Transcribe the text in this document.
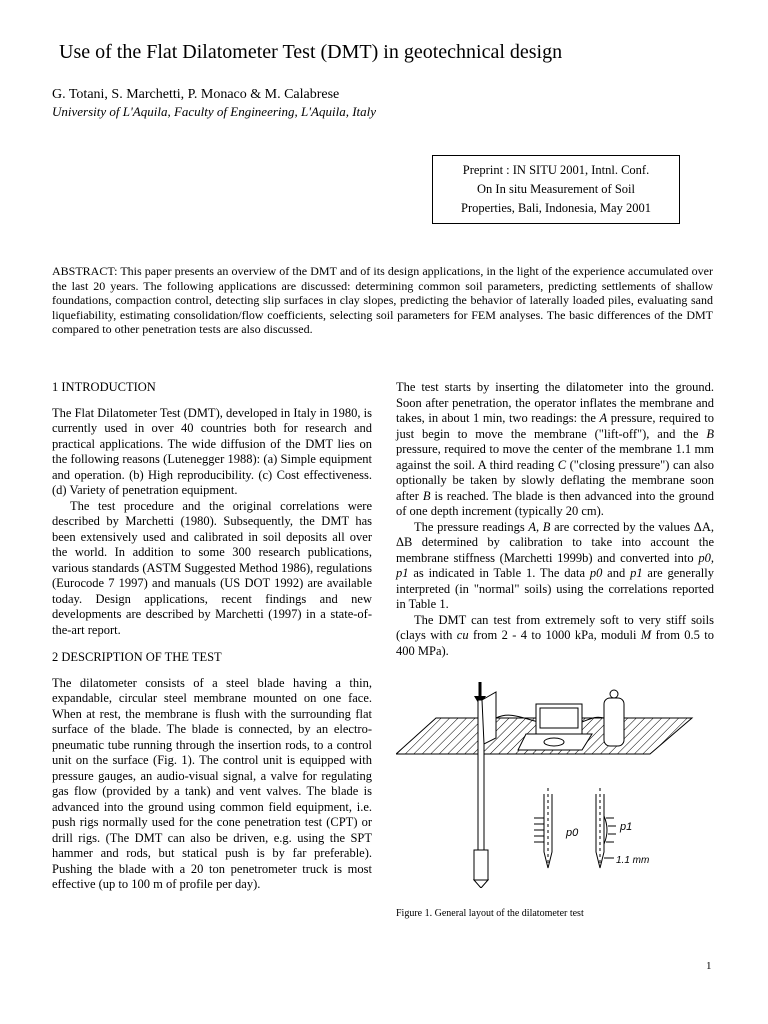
Use of the Flat Dilatometer Test (DMT) in geotechnical design
G. Totani, S. Marchetti, P. Monaco & M. Calabrese
University of L'Aquila, Faculty of Engineering, L'Aquila, Italy
Preprint : IN SITU 2001, Intnl. Conf.
On In situ Measurement of Soil
Properties, Bali, Indonesia, May 2001

ABSTRACT: This paper presents an overview of the DMT and of its design applications, in the light of the experience accumulated over the last 20 years. The following applications are discussed: determining common soil parameters, predicting settlements of shallow foundations, compaction control, detecting slip surfaces in clay slopes, predicting the behavior of laterally loaded piles, evaluating sand liquefiability, estimating consolidation/flow coefficients, selecting soil parameters for FEM analyses. The basic differences of the DMT compared to other penetration tests are also discussed.

1 INTRODUCTION

The Flat Dilatometer Test (DMT), developed in Italy in 1980, is currently used in over 40 countries both for research and practical applications. The wide diffusion of the DMT lies on the following reasons (Lutenegger 1988): (a) Simple equipment and operation. (b) High reproducibility. (c) Cost effectiveness. (d) Variety of penetration equipment.

The test procedure and the original correlations were described by Marchetti (1980). Subsequently, the DMT has been extensively used and calibrated in soil deposits all over the world. In addition to some 300 research publications, various standards (ASTM Suggested Method 1986), regulations (Eurocode 7 1997) and manuals (US DOT 1992) are available today. Design applications, recent findings and new developments are described by Marchetti (1997) in a state-of-the-art report.

2 DESCRIPTION OF THE TEST

The dilatometer consists of a steel blade having a thin, expandable, circular steel membrane mounted on one face. When at rest, the membrane is flush with the surrounding flat surface of the blade. The blade is connected, by an electro-pneumatic tube running through the insertion rods, to a control unit on the surface (Fig. 1). The control unit is equipped with pressure gauges, an audio-visual signal, a valve for regulating gas flow (provided by a tank) and vent valves. The blade is advanced into the ground using common field equipment, i.e. push rigs normally used for the cone penetration test (CPT) or drill rigs. (The DMT can also be driven, e.g. using the SPT hammer and rods, but statical push is by far preferable). Pushing the blade with a 20 ton penetrometer truck is most effective (up to 100 m of profile per day).

The test starts by inserting the dilatometer into the ground. Soon after penetration, the operator inflates the membrane and takes, in about 1 min, two readings: the A pressure, required to just begin to move the membrane ("lift-off"), and the B pressure, required to move the center of the membrane 1.1 mm against the soil. A third reading C ("closing pressure") can also optionally be taken by slowly deflating the membrane soon after B is reached. The blade is then advanced into the ground of one depth increment (typically 20 cm).

The pressure readings A, B are corrected by the values ΔA, ΔB determined by calibration to take into account the membrane stiffness (Marchetti 1999b) and converted into p0, p1 as indicated in Table 1. The data p0 and p1 are generally interpreted (in "normal" soils) using the correlations reported in Table 1.

The DMT can test from extremely soft to very stiff soils (clays with cu from 2 - 4 to 1000 kPa, moduli M from 0.5 to 400 MPa).

p0	p1
1.1 mm
Figure 1. General layout of the dilatometer test
1
